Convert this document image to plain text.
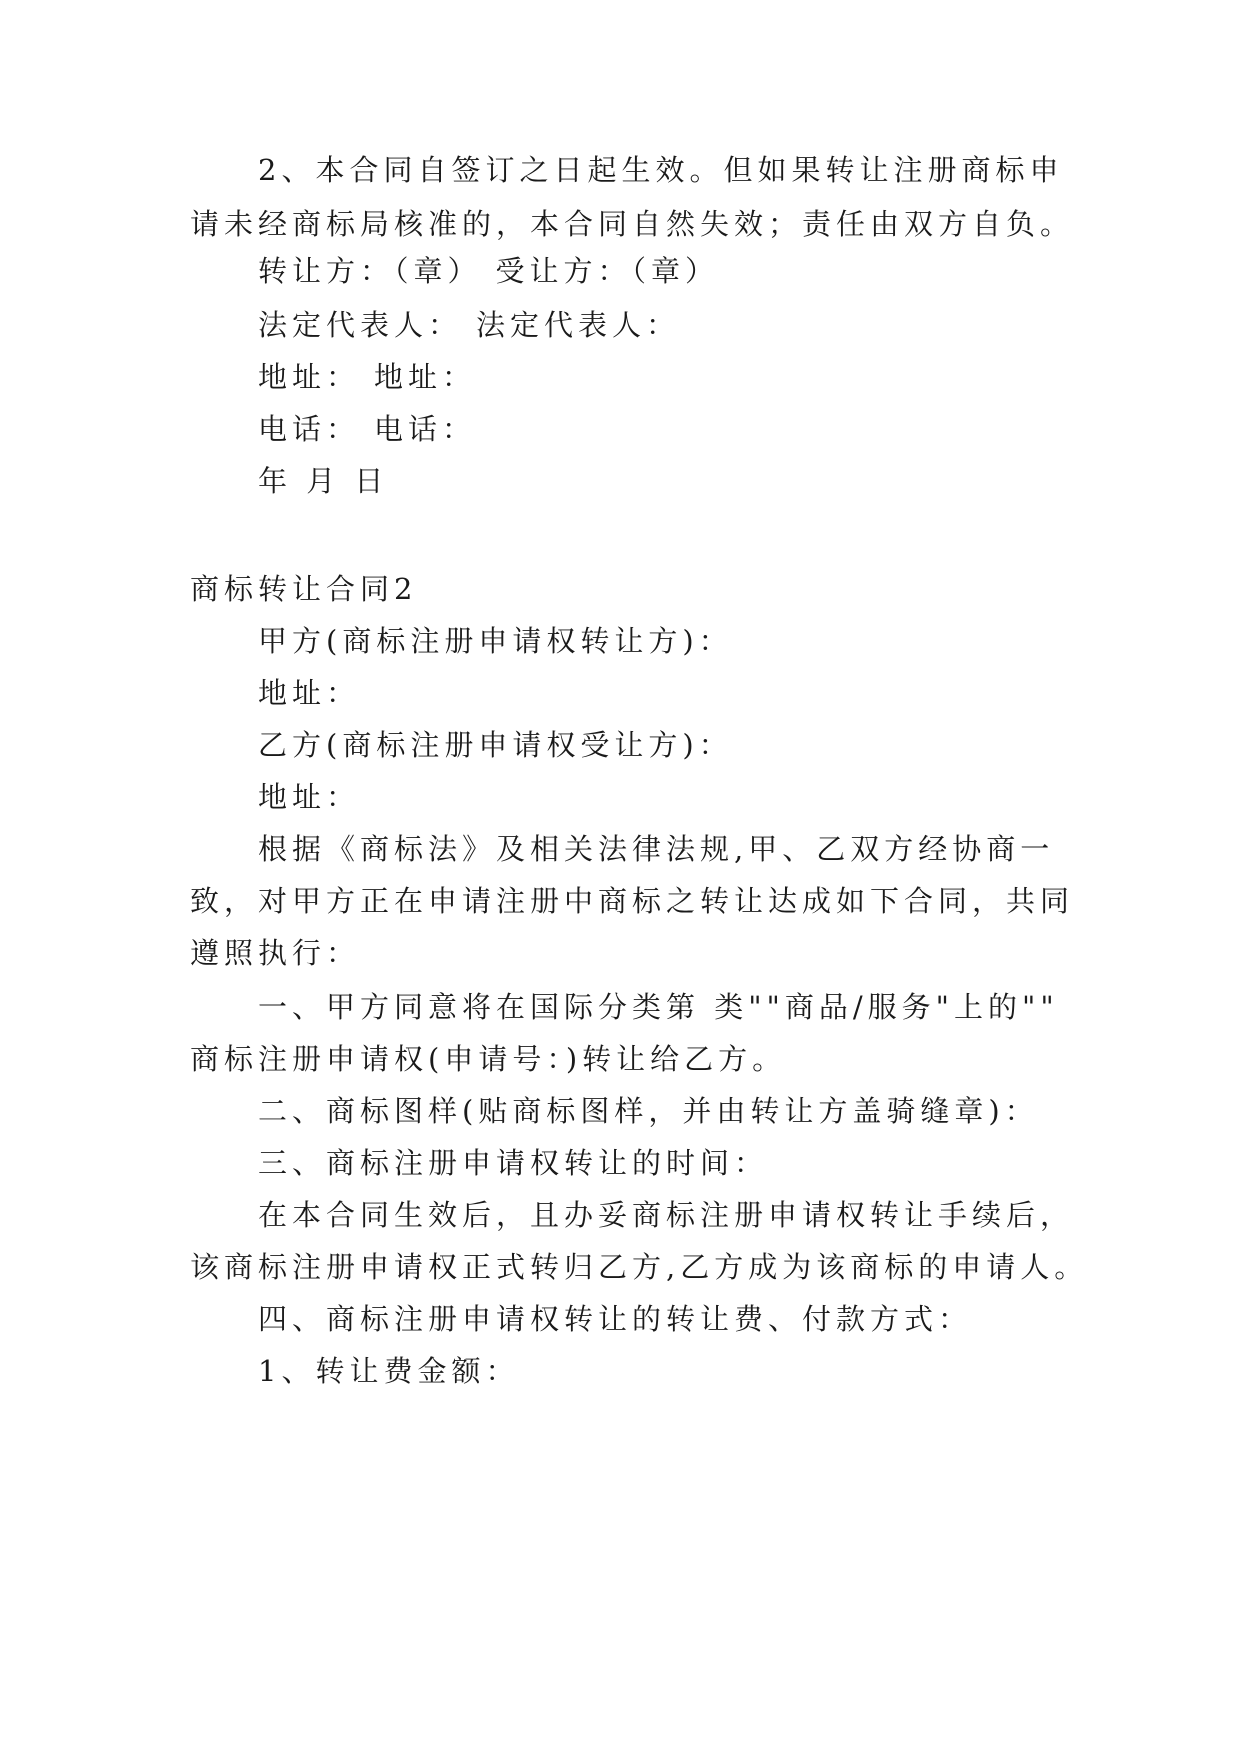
2、本合同自签订之日起生效。但如果转让注册商标申
请未经商标局核准的，本合同自然失效；责任由双方自负。
转让方：（章） 受让方：（章）
法定代表人： 法定代表人：
地址： 地址：
电话： 电话：
年 月 日
商标转让合同2
甲方(商标注册申请权转让方)：
地址：
乙方(商标注册申请权受让方)：
地址：
根据《商标法》及相关法律法规,甲、乙双方经协商一
致，对甲方正在申请注册中商标之转让达成如下合同，共同
遵照执行：
一、甲方同意将在国际分类第 类""商品/服务"上的""
商标注册申请权(申请号：)转让给乙方。
二、商标图样(贴商标图样，并由转让方盖骑缝章)：
三、商标注册申请权转让的时间：
在本合同生效后，且办妥商标注册申请权转让手续后，
该商标注册申请权正式转归乙方,乙方成为该商标的申请人。
四、商标注册申请权转让的转让费、付款方式：
1、转让费金额：
